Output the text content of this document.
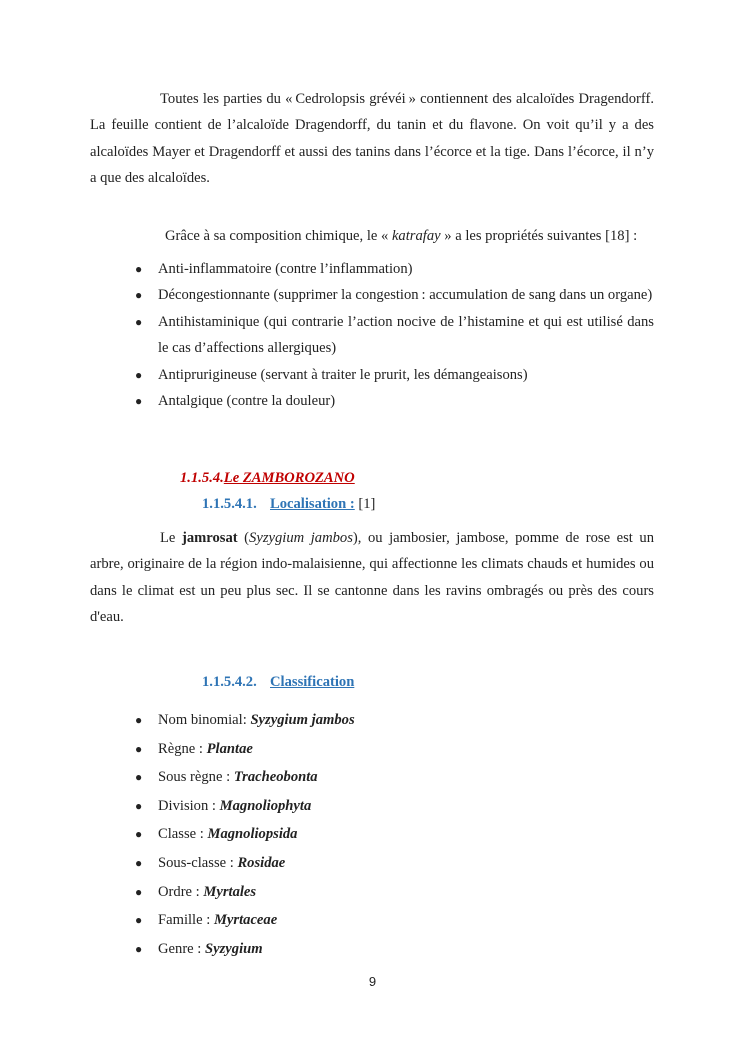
Toutes les parties du « Cedrolopsis grévéi » contiennent des alcaloïdes Dragendorff. La feuille contient de l’alcaloïde Dragendorff, du tanin et du flavone. On voit qu’il y a des alcaloïdes Mayer et Dragendorff et aussi des tanins dans l’écorce et la tige. Dans l’écorce, il n’y a que des alcaloïdes.

Grâce à sa composition chimique, le « katrafay » a les propriétés suivantes [18] :

● Anti-inflammatoire (contre l’inflammation)
● Décongestionnante (supprimer la congestion : accumulation de sang dans un organe)
● Antihistaminique (qui contrarie l’action nocive de l’histamine et qui est utilisé dans le cas d’affections allergiques)
● Antiprurigineuse (servant à traiter le prurit, les démangeaisons)
● Antalgique (contre la douleur)

1.1.5.4.Le ZAMBOROZANO

1.1.5.4.1. Localisation : [1]

Le jamrosat (Syzygium jambos), ou jambosier, jambose, pomme de rose est un arbre, originaire de la région indo-malaisienne, qui affectionne les climats chauds et humides ou dans le climat est un peu plus sec. Il se cantonne dans les ravins ombragés ou près des cours d'eau.

1.1.5.4.2. Classification

● Nom binomial: Syzygium jambos
● Règne : Plantae
● Sous règne : Tracheobonta
● Division : Magnoliophyta
● Classe : Magnoliopsida
● Sous-classe : Rosidae
● Ordre : Myrtales
● Famille : Myrtaceae
● Genre : Syzygium
9
